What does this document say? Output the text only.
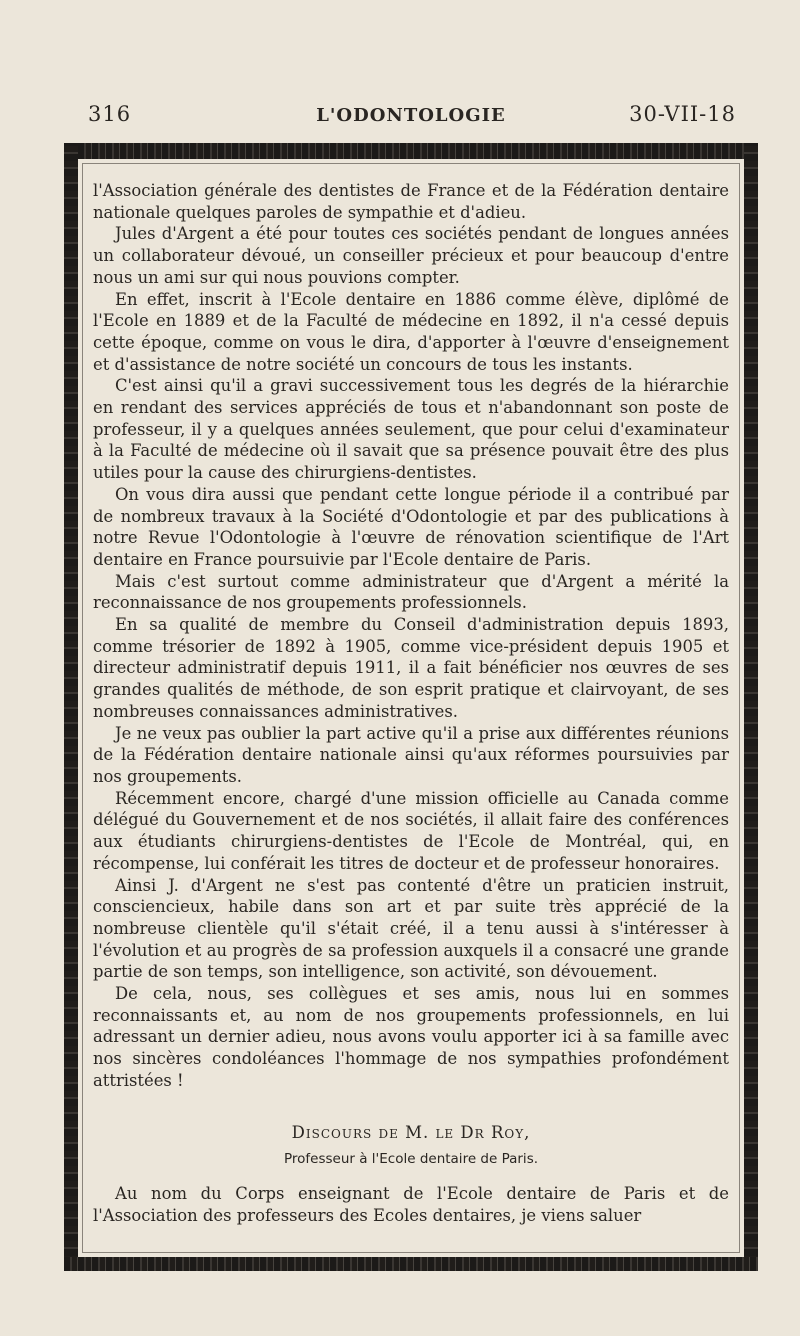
316	L'ODONTOLOGIE	30-VII-18

l'Association générale des dentistes de France et de la Fédération dentaire nationale quelques paroles de sympathie et d'adieu.

Jules d'Argent a été pour toutes ces sociétés pendant de longues années un collaborateur dévoué, un conseiller précieux et pour beaucoup d'entre nous un ami sur qui nous pouvions compter.

En effet, inscrit à l'Ecole dentaire en 1886 comme élève, diplômé de l'Ecole en 1889 et de la Faculté de médecine en 1892, il n'a cessé depuis cette époque, comme on vous le dira, d'apporter à l'œuvre d'enseignement et d'assistance de notre société un concours de tous les instants.

C'est ainsi qu'il a gravi successivement tous les degrés de la hiérarchie en rendant des services appréciés de tous et n'abandonnant son poste de professeur, il y a quelques années seulement, que pour celui d'examinateur à la Faculté de médecine où il savait que sa présence pouvait être des plus utiles pour la cause des chirurgiens-dentistes.

On vous dira aussi que pendant cette longue période il a contribué par de nombreux travaux à la Société d'Odontologie et par des publications à notre Revue l'Odontologie à l'œuvre de rénovation scientifique de l'Art dentaire en France poursuivie par l'Ecole dentaire de Paris.

Mais c'est surtout comme administrateur que d'Argent a mérité la reconnaissance de nos groupements professionnels.

En sa qualité de membre du Conseil d'administration depuis 1893, comme trésorier de 1892 à 1905, comme vice-président depuis 1905 et directeur administratif depuis 1911, il a fait bénéficier nos œuvres de ses grandes qualités de méthode, de son esprit pratique et clairvoyant, de ses nombreuses connaissances administratives.

Je ne veux pas oublier la part active qu'il a prise aux différentes réunions de la Fédération dentaire nationale ainsi qu'aux réformes poursuivies par nos groupements.

Récemment encore, chargé d'une mission officielle au Canada comme délégué du Gouvernement et de nos sociétés, il allait faire des conférences aux étudiants chirurgiens-dentistes de l'Ecole de Montréal, qui, en récompense, lui conférait les titres de docteur et de professeur honoraires.

Ainsi J. d'Argent ne s'est pas contenté d'être un praticien instruit, consciencieux, habile dans son art et par suite très apprécié de la nombreuse clientèle qu'il s'était créé, il a tenu aussi à s'intéresser à l'évolution et au progrès de sa profession auxquels il a consacré une grande partie de son temps, son intelligence, son activité, son dévouement.

De cela, nous, ses collègues et ses amis, nous lui en sommes reconnaissants et, au nom de nos groupements professionnels, en lui adressant un dernier adieu, nous avons voulu apporter ici à sa famille avec nos sincères condoléances l'hommage de nos sympathies profondément attristées !

Discours de M. le Dr Roy,
Professeur à l'Ecole dentaire de Paris.

Au nom du Corps enseignant de l'Ecole dentaire de Paris et de l'Association des professeurs des Ecoles dentaires, je viens saluer
